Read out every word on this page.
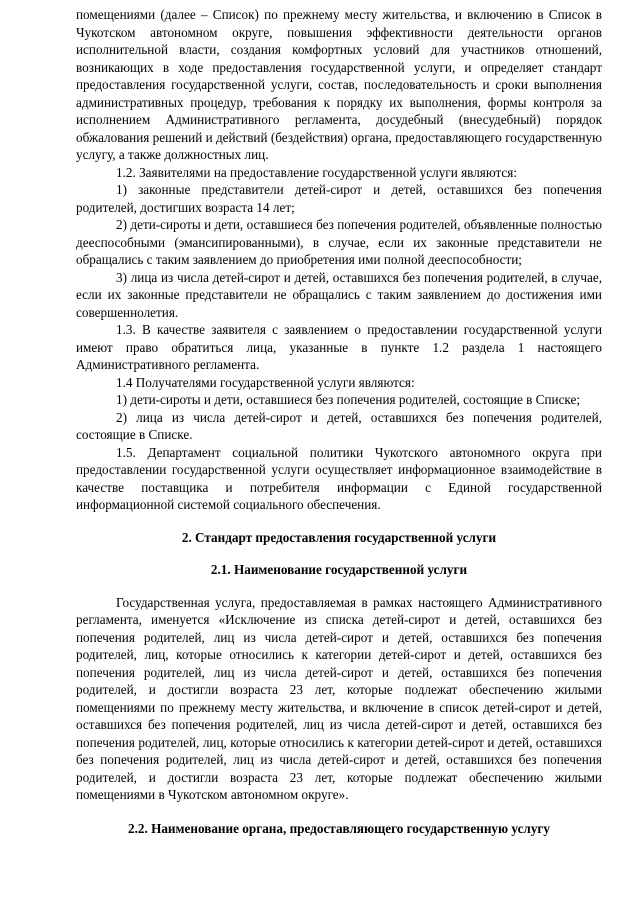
помещениями (далее – Список) по прежнему месту жительства, и включению в Список в Чукотском автономном округе, повышения эффективности деятельности органов исполнительной власти, создания комфортных условий для участников отношений, возникающих в ходе предоставления государственной услуги, и определяет стандарт предоставления государственной услуги, состав, последовательность и сроки выполнения административных процедур, требования к порядку их выполнения, формы контроля за исполнением Административного регламента, досудебный (внесудебный) порядок обжалования решений и действий (бездействия) органа, предоставляющего государственную услугу, а также должностных лиц.

1.2. Заявителями на предоставление государственной услуги являются:

1) законные представители детей-сирот и детей, оставшихся без попечения родителей, достигших возраста 14 лет;

2) дети-сироты и дети, оставшиеся без попечения родителей, объявленные полностью дееспособными (эмансипированными), в случае, если их законные представители не обращались с таким заявлением до приобретения ими полной дееспособности;

3) лица из числа детей-сирот и детей, оставшихся без попечения родителей, в случае, если их законные представители не обращались с таким заявлением до достижения ими совершеннолетия.

1.3. В качестве заявителя с заявлением о предоставлении государственной услуги имеют право обратиться лица, указанные в пункте 1.2 раздела 1 настоящего Административного регламента.

1.4 Получателями государственной услуги являются:

1) дети-сироты и дети, оставшиеся без попечения родителей, состоящие в Списке;

2) лица из числа детей-сирот и детей, оставшихся без попечения родителей, состоящие в Списке.

1.5. Департамент социальной политики Чукотского автономного округа при предоставлении государственной услуги осуществляет информационное взаимодействие в качестве поставщика и потребителя информации с Единой государственной информационной системой социального обеспечения.

2. Стандарт предоставления государственной услуги

2.1. Наименование государственной услуги

Государственная услуга, предоставляемая в рамках настоящего Административного регламента, именуется «Исключение из списка детей-сирот и детей, оставшихся без попечения родителей, лиц из числа детей-сирот и детей, оставшихся без попечения родителей, лиц, которые относились к категории детей-сирот и детей, оставшихся без попечения родителей, лиц из числа детей-сирот и детей, оставшихся без попечения родителей, и достигли возраста 23 лет, которые подлежат обеспечению жилыми помещениями по прежнему месту жительства, и включение в список детей-сирот и детей, оставшихся без попечения родителей, лиц из числа детей-сирот и детей, оставшихся без попечения родителей, лиц, которые относились к категории детей-сирот и детей, оставшихся без попечения родителей, лиц из числа детей-сирот и детей, оставшихся без попечения родителей, и достигли возраста 23 лет, которые подлежат обеспечению жилыми помещениями в Чукотском автономном округе».

2.2. Наименование органа, предоставляющего государственную услугу
